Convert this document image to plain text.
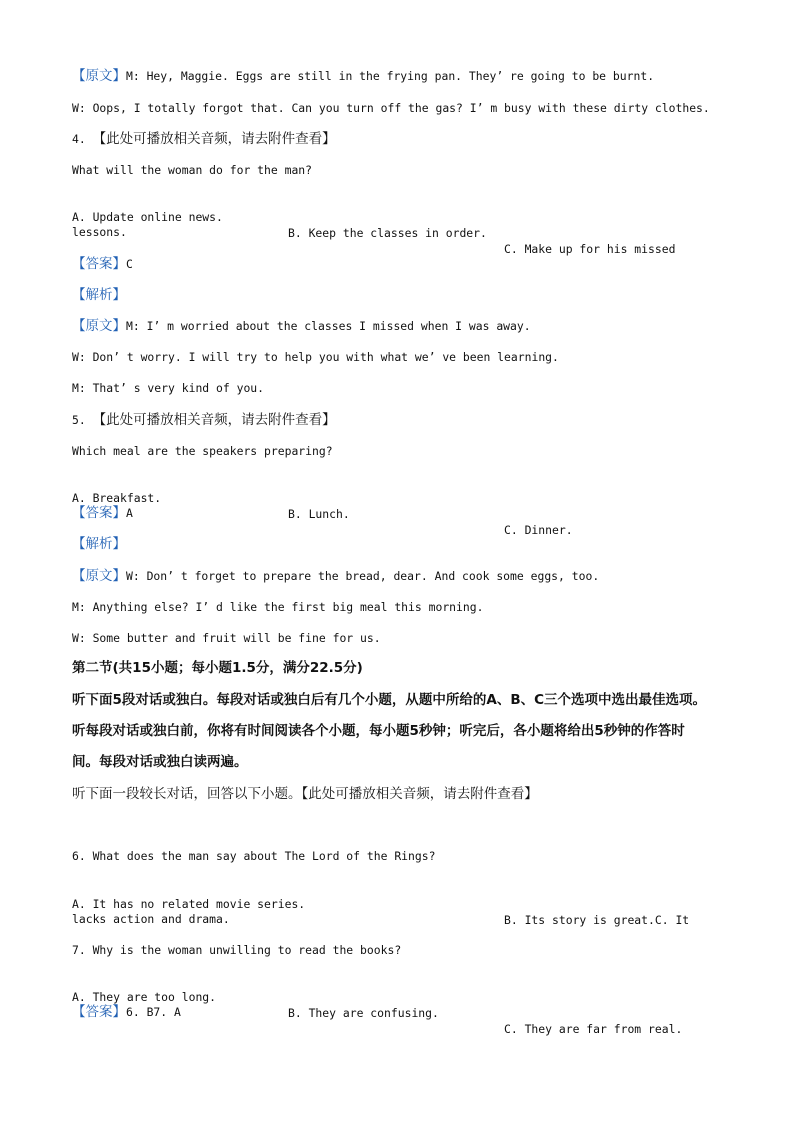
【原文】M: Hey, Maggie. Eggs are still in the frying pan. They’ re going to be burnt.
W: Oops, I totally forgot that. Can you turn off the gas? I’ m busy with these dirty clothes.
4. 【此处可播放相关音频，请去附件查看】
What will the woman do for the man?

A. Update online news.

B. Keep the classes in order.

C. Make up for his missed

lessons.
【答案】C
【解析】
【原文】M: I’ m worried about the classes I missed when I was away.
W: Don’ t worry. I will try to help you with what we’ ve been learning.
M: That’ s very kind of you.
5. 【此处可播放相关音频，请去附件查看】
Which meal are the speakers preparing?

A. Breakfast.

B. Lunch.

C. Dinner.

【答案】A
【解析】
【原文】W: Don’ t forget to prepare the bread, dear. And cook some eggs, too.
M: Anything else? I’ d like the first big meal this morning.
W: Some butter and fruit will be fine for us.
第二节(共15小题；每小题1.5分，满分22.5分)
听下面5段对话或独白。每段对话或独白后有几个小题，从题中所给的A、B、C三个选项中选出最佳选项。
听每段对话或独白前，你将有时间阅读各个小题，每小题5秒钟；听完后，各小题将给出5秒钟的作答时
间。每段对话或独白读两遍。
听下面一段较长对话，回答以下小题。【此处可播放相关音频，请去附件查看】
6. What does the man say about The Lord of the Rings?

A. It has no related movie series.

B. Its story is great.C. It

lacks action and drama.
7. Why is the woman unwilling to read the books?

A. They are too long.

B. They are confusing.

C. They are far from real.

【答案】6. B7. A
